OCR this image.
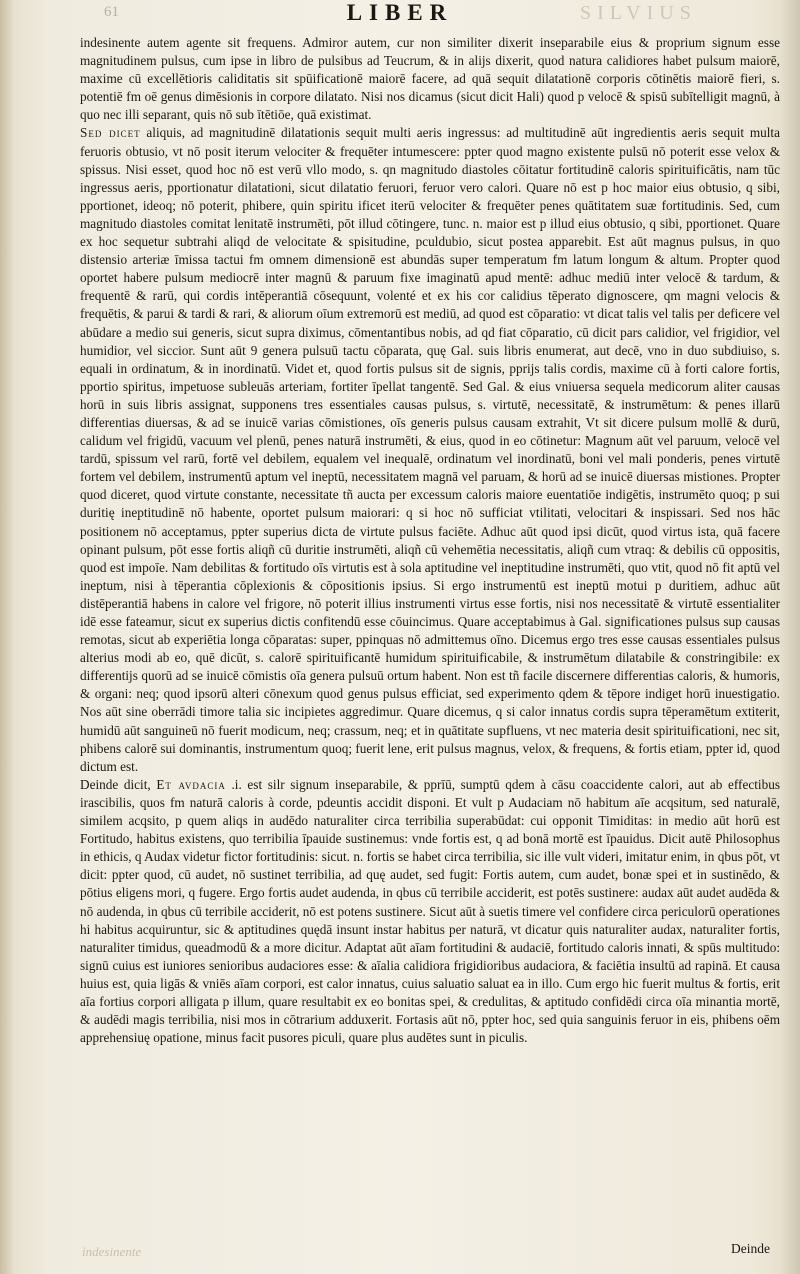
61	SILVIUS
LIBER

indesinente autem agente sit frequens. Admiror autem, cur non similiter dixerit inseparabile eius & proprium signum esse magnitudinem pulsus, cum ipse in libro de pulsibus ad Teucrum, & in alijs dixerit, quod natura calidiores habet pulsum maiorē, maxime cū excellētioris caliditatis sit spūificationē maiorē facere, ad quā sequit dilatationē corporis cōtinētis maiorē fieri, s. potentiē fm oē genus dimēsionis in corpore dilatato. Nisi nos dicamus (sicut dicit Hali) quod p velocē & spisū subītelligit magnū, à quo nec illi separant, quis nō sub ītētiōe, quā existimat.

Sed dicet aliquis, ad magnitudinē dilatationis sequit multi aeris ingressus: ad multitudinē aūt ingredientis aeris sequit multa feruoris obtusio, vt nō posit iterum velociter & frequēter intumescere: ppter quod magno existente pulsū nō poterit esse velox & spissus. Nisi esset, quod hoc nō est verū vllo modo, s. qn magnitudo diastoles cōitatur fortitudinē caloris spirituificātis, nam tūc ingressus aeris, pportionatur dilatationi, sicut dilatatio feruori, feruor vero calori. Quare nō est p hoc maior eius obtusio, q sibi, pportionet, ideoq; nō poterit, phibere, quin spiritu ificet iterū velociter & frequēter penes quātitatem suæ fortitudinis. Sed, cum magnitudo diastoles comitat lenitatē instrumēti, pōt illud cōtingere, tunc. n. maior est p illud eius obtusio, q sibi, pportionet. Quare ex hoc sequetur subtrahi aliqd de velocitate & spisitudine, pculdubio, sicut postea apparebit. Est aūt magnus pulsus, in quo distensio arteriæ īmissa tactui fm omnem dimensionē est abundās super temperatum fm latum longum & altum. Propter quod oportet habere pulsum mediocrē inter magnū & paruum fixe imaginatū apud mentē: adhuc mediū inter velocē & tardum, & frequentē & rarū, qui cordis intēperantiā cōsequunt, volenté et ex his cor calidius tēperato dignoscere, qm magni velocis & frequētis, & parui & tardi & rari, & aliorum oīum extremorū est mediū, ad quod est cōparatio: vt dicat talis vel talis per deficere vel abūdare a medio sui generis, sicut supra diximus, cōmentantibus nobis, ad qd fiat cōparatio, cū dicit pars calidior, vel frigidior, vel humidior, vel siccior. Sunt aūt 9 genera pulsuū tactu cōparata, quę Gal. suis libris enumerat, aut decē, vno in duo subdiuiso, s. equali in ordinatum, & in inordinatū. Videt et, quod fortis pulsus sit de signis, pprijs talis cordis, maxime cū à forti calore fortis, pportio spiritus, impetuose subleuās arteriam, fortiter īpellat tangentē. Sed Gal. & eius vniuersa sequela medicorum aliter causas horū in suis libris assignat, supponens tres essentiales causas pulsus, s. virtutē, necessitatē, & instrumētum: & penes illarū differentias diuersas, & ad se inuicē varias cōmistiones, oīs generis pulsus causam extrahit, Vt sit dicere pulsum mollē & durū, calidum vel frigidū, vacuum vel plenū, penes naturā instrumēti, & eius, quod in eo cōtinetur: Magnum aūt vel paruum, velocē vel tardū, spissum vel rarū, fortē vel debilem, equalem vel inequalē, ordinatum vel inordinatū, boni vel mali ponderis, penes virtutē fortem vel debilem, instrumentū aptum vel ineptū, necessitatem magnā vel paruam, & horū ad se inuicē diuersas mistiones. Propter quod diceret, quod virtute constante, necessitate tñ aucta per excessum caloris maiore euentatiōe indigētis, instrumēto quoq; p sui duritię ineptitudinē nō habente, oportet pulsum maiorari: q si hoc nō sufficiat vtilitati, velocitari & inspissari. Sed nos hāc positionem nō acceptamus, ppter superius dicta de virtute pulsus faciēte. Adhuc aūt quod ipsi dicūt, quod virtus ista, quā facere opinant pulsum, pōt esse fortis aliqñ cū duritie instrumēti, aliqñ cū vehemētia necessitatis, aliqñ cum vtraq: & debilis cū oppositis, quod est impoīe. Nam debilitas & fortitudo oīs virtutis est à sola aptitudine vel ineptitudine instrumēti, quo vtit, quod nō fit aptū vel ineptum, nisi à tēperantia cōplexionis & cōpositionis ipsius. Si ergo instrumentū est ineptū motui p duritiem, adhuc aūt distēperantiā habens in calore vel frigore, nō poterit illius instrumenti virtus esse fortis, nisi nos necessitatē & virtutē essentialiter idē esse fateamur, sicut ex superius dictis confitendū esse cōuincimus. Quare acceptabimus à Gal. significationes pulsus sup causas remotas, sicut ab experiētia longa cōparatas: super, ppinquas nō admittemus oīno. Dicemus ergo tres esse causas essentiales pulsus alterius modi ab eo, quē dicūt, s. calorē spirituificantē humidum spirituificabile, & instrumētum dilatabile & constringibile: ex differentijs quorū ad se inuicē cōmistis oīa genera pulsuū ortum habent. Non est tñ facile discernere differentias caloris, & humoris, & organi: neq; quod ipsorū alteri cōnexum quod genus pulsus efficiat, sed experimento qdem & tēpore indiget horū inuestigatio. Nos aūt sine oberrādi timore talia sic incipietes aggredimur. Quare dicemus, q si calor innatus cordis supra tēperamētum extiterit, humidū aūt sanguineū nō fuerit modicum, neq; crassum, neq; et in quātitate supfluens, vt nec materia desit spirituificationi, nec sit, phibens calorē sui dominantis, instrumentum quoq; fuerit lene, erit pulsus magnus, velox, & frequens, & fortis etiam, ppter id, quod dictum est.

Deinde dicit, Et avdacia .i. est silr signum inseparabile, & pprīū, sumptū qdem à cāsu coaccidente calori, aut ab effectibus irascibilis, quos fm naturā caloris à corde, pdeuntis accidit disponi. Et vult p Audaciam nō habitum aīe acqsitum, sed naturalē, similem acqsito, p quem aliqs in audēdo naturaliter circa terribilia superabūdat: cui opponit Timiditas: in medio aūt horū est Fortitudo, habitus existens, quo terribilia īpauide sustinemus: vnde fortis est, q ad bonā mortē est īpauidus. Dicit autē Philosophus in ethicis, q Audax videtur fictor fortitudinis: sicut. n. fortis se habet circa terribilia, sic ille vult videri, imitatur enim, in qbus pōt, vt dicit: ppter quod, cū audet, nō sustinet terribilia, ad quę audet, sed fugit: Fortis autem, cum audet, bonæ spei et in sustinēdo, & pōtius eligens mori, q fugere. Ergo fortis audet audenda, in qbus cū terribile acciderit, est potēs sustinere: audax aūt audet audēda & nō audenda, in qbus cū terribile acciderit, nō est potens sustinere. Sicut aūt à suetis timere vel confidere circa periculorū operationes hi habitus acquiruntur, sic & aptitudines quędā insunt instar habitus per naturā, vt dicatur quis naturaliter audax, naturaliter fortis, naturaliter timidus, queadmodū & a more dicitur. Adaptat aūt aīam fortitudini & audaciē, fortitudo caloris innati, & spūs multitudo: signū cuius est iuniores senioribus audaciores esse: & aīalia calidiora frigidioribus audaciora, & faciētia insultū ad rapinā. Et causa huius est, quia ligās & vniēs aīam corpori, est calor innatus, cuius saluatio saluat ea in illo. Cum ergo hic fuerit multus & fortis, erit aīa fortius corpori alligata p illum, quare resultabit ex eo bonitas spei, & credulitas, & aptitudo confidēdi circa oīa minantia mortē, & audēdi magis terribilia, nisi mos in cōtrarium adduxerit. Fortasis aūt nō, ppter hoc, sed quia sanguinis feruor in eis, phibens oēm apprehensiuę opatione, minus facit pusores piculi, quare plus audētes sunt in piculis.

indesinente	Deinde
